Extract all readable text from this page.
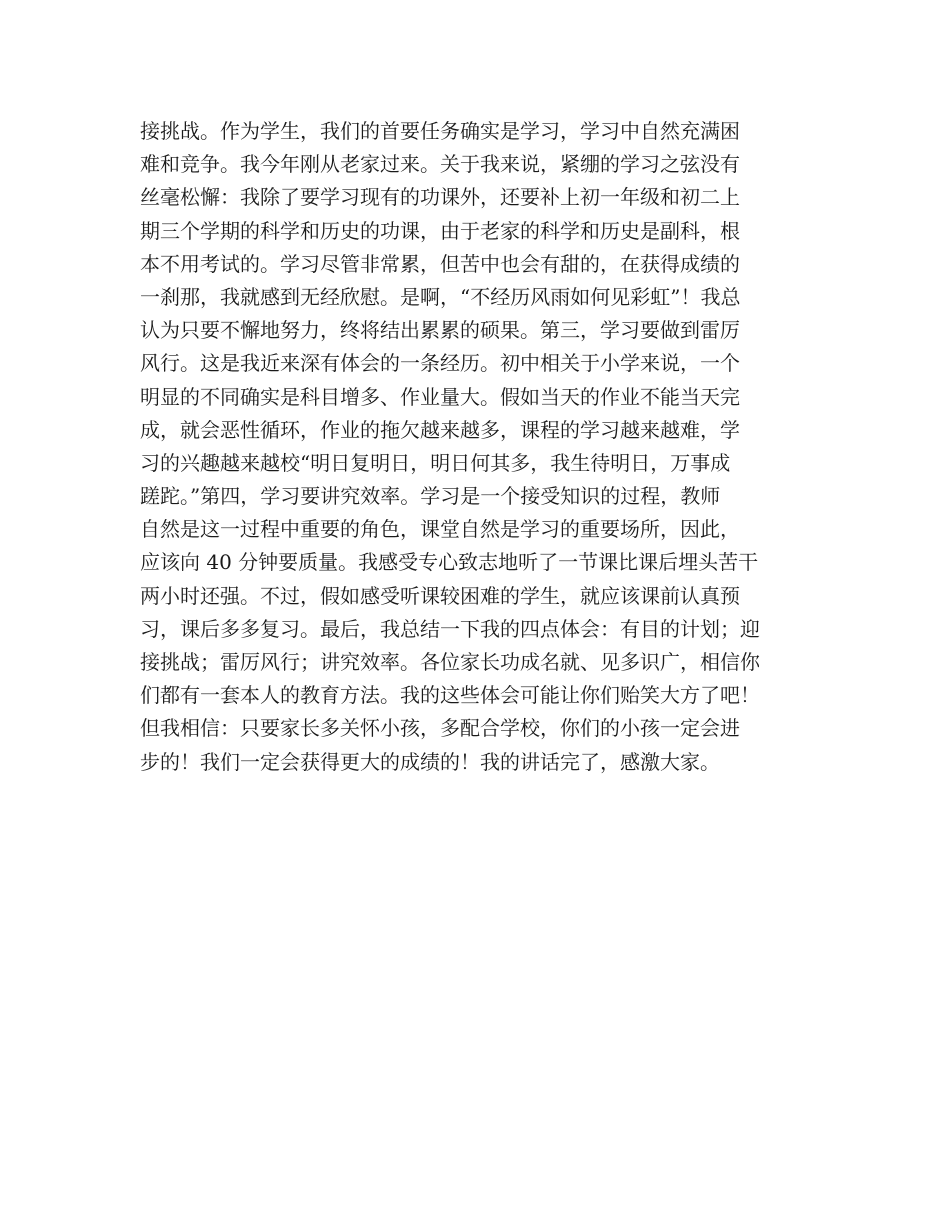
接挑战。作为学生，我们的首要任务确实是学习，学习中自然充满困
难和竞争。我今年刚从老家过来。关于我来说，紧绷的学习之弦没有
丝毫松懈：我除了要学习现有的功课外，还要补上初一年级和初二上
期三个学期的科学和历史的功课，由于老家的科学和历史是副科，根
本不用考试的。学习尽管非常累，但苦中也会有甜的，在获得成绩的
一刹那，我就感到无经欣慰。是啊，“不经历风雨如何见彩虹”！我总
认为只要不懈地努力，终将结出累累的硕果。第三，学习要做到雷厉
风行。这是我近来深有体会的一条经历。初中相关于小学来说，一个
明显的不同确实是科目增多、作业量大。假如当天的作业不能当天完
成，就会恶性循环，作业的拖欠越来越多，课程的学习越来越难，学
习的兴趣越来越校“明日复明日，明日何其多，我生待明日，万事成
蹉跎。”第四，学习要讲究效率。学习是一个接受知识的过程，教师
自然是这一过程中重要的角色，课堂自然是学习的重要场所，因此，
应该向 40 分钟要质量。我感受专心致志地听了一节课比课后埋头苦干
两小时还强。不过，假如感受听课较困难的学生，就应该课前认真预
习，课后多多复习。最后，我总结一下我的四点体会：有目的计划；迎
接挑战；雷厉风行；讲究效率。各位家长功成名就、见多识广，相信你
们都有一套本人的教育方法。我的这些体会可能让你们贻笑大方了吧！
但我相信：只要家长多关怀小孩，多配合学校，你们的小孩一定会进
步的！我们一定会获得更大的成绩的！我的讲话完了，感激大家。
